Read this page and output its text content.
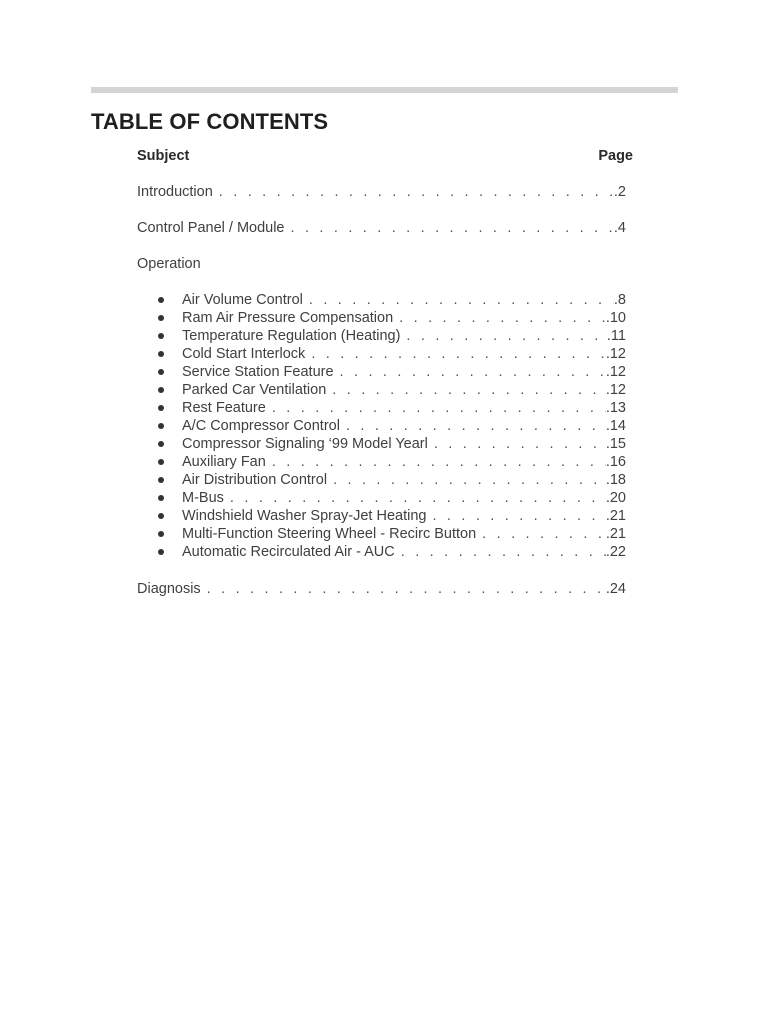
TABLE OF CONTENTS
Subject	Page
Introduction . . .	.2
Control Panel / Module . . .	.4
Operation
Air Volume Control . . .	.8
Ram Air Pressure Compensation . . .	.10
Temperature Regulation (Heating) . . .	.11
Cold Start Interlock . . .	.12
Service Station Feature . . .	.12
Parked Car Ventilation . . .	.12
Rest Feature . . .	.13
A/C Compressor Control . . .	.14
Compressor Signaling ‘99 Model Yearl . . .	.15
Auxiliary Fan . . .	.16
Air Distribution Control . . .	.18
M-Bus . . .	.20
Windshield Washer Spray-Jet Heating . . .	.21
Multi-Function Steering Wheel - Recirc Button . . .	.21
Automatic Recirculated Air - AUC . . .	.22
Diagnosis . . .	.24
